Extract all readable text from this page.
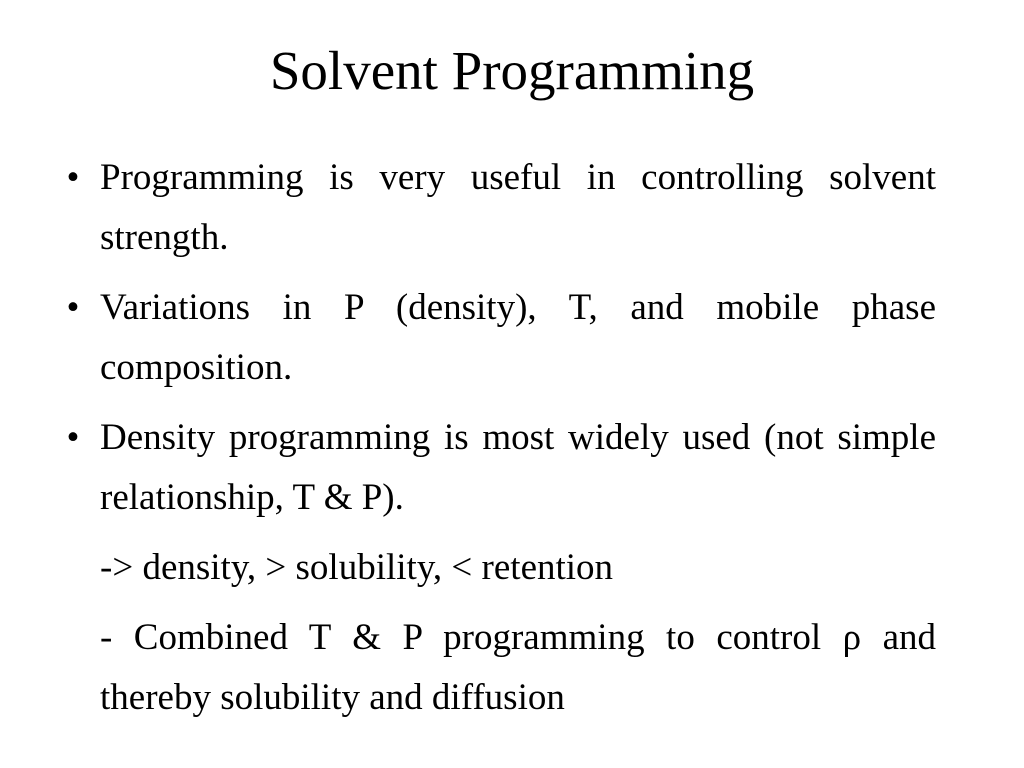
Solvent Programming
• Programming is very useful in controlling solvent strength.
• Variations in P (density), T, and mobile phase composition.
• Density programming is most widely used (not simple relationship, T & P).
-> density, > solubility, < retention
- Combined T & P programming to control ρ and thereby solubility and diffusion
